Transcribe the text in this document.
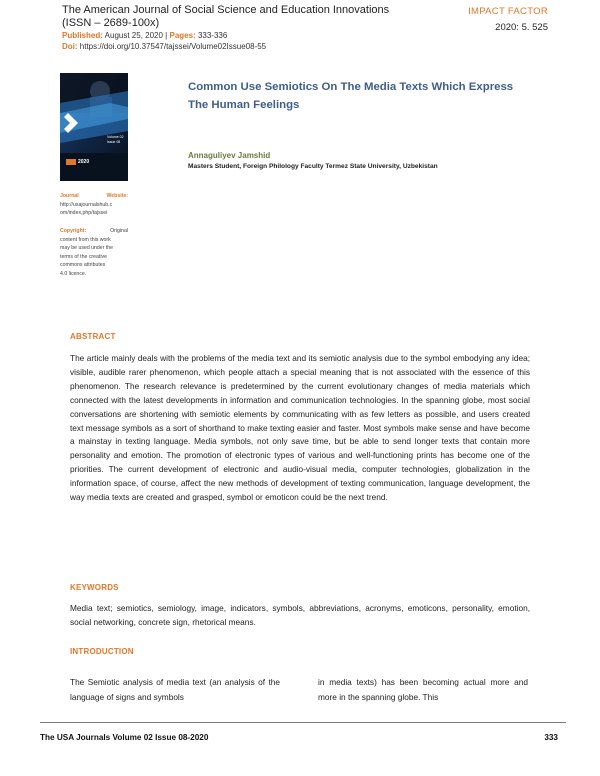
The American Journal of Social Science and Education Innovations
(ISSN – 2689-100x)
Published: August 25, 2020 | Pages: 333-336
Doi: https://doi.org/10.37547/tajssei/Volume02Issue08-55
IMPACT FACTOR
2020: 5. 525
Volume 02
Issue 08
2020
Journal	Website:
http://usajournalshub.c
om/index,php/tajssei
Copyright:	Original
content from this work
may be used under the
terms of the creative
commons attributes
4.0 licence.
Common Use Semiotics On The Media Texts Which Express
The Human Feelings
Annaguliyev Jamshid
Masters Student, Foreign Philology Faculty Termez State University, Uzbekistan
ABSTRACT
The article mainly deals with the problems of the media text and its semiotic analysis due to the symbol embodying any idea; visible, audible rarer phenomenon, which people attach a special meaning that is not associated with the essence of this phenomenon. The research relevance is predetermined by the current evolutionary changes of media materials which connected with the latest developments in information and communication technologies. In the spanning globe, most social conversations are shortening with semiotic elements by communicating with as few letters as possible, and users created text message symbols as a sort of shorthand to make texting easier and faster. Most symbols make sense and have become a mainstay in texting language. Media symbols, not only save time, but be able to send longer texts that contain more personality and emotion. The promotion of electronic types of various and well-functioning prints has become one of the priorities. The current development of electronic and audio-visual media, computer technologies, globalization in the information space, of course, affect the new methods of development of texting communication, language development, the way media texts are created and grasped, symbol or emoticon could be the next trend.
KEYWORDS
Media text; semiotics, semiology, image, indicators, symbols, abbreviations, acronyms, emoticons, personality, emotion, social networking, concrete sign, rhetorical means.
INTRODUCTION
The Semiotic analysis of media text (an analysis of the language of signs and symbols
in media texts) has been becoming actual more and more in the spanning globe. This
The USA Journals Volume 02 Issue 08-2020	333
